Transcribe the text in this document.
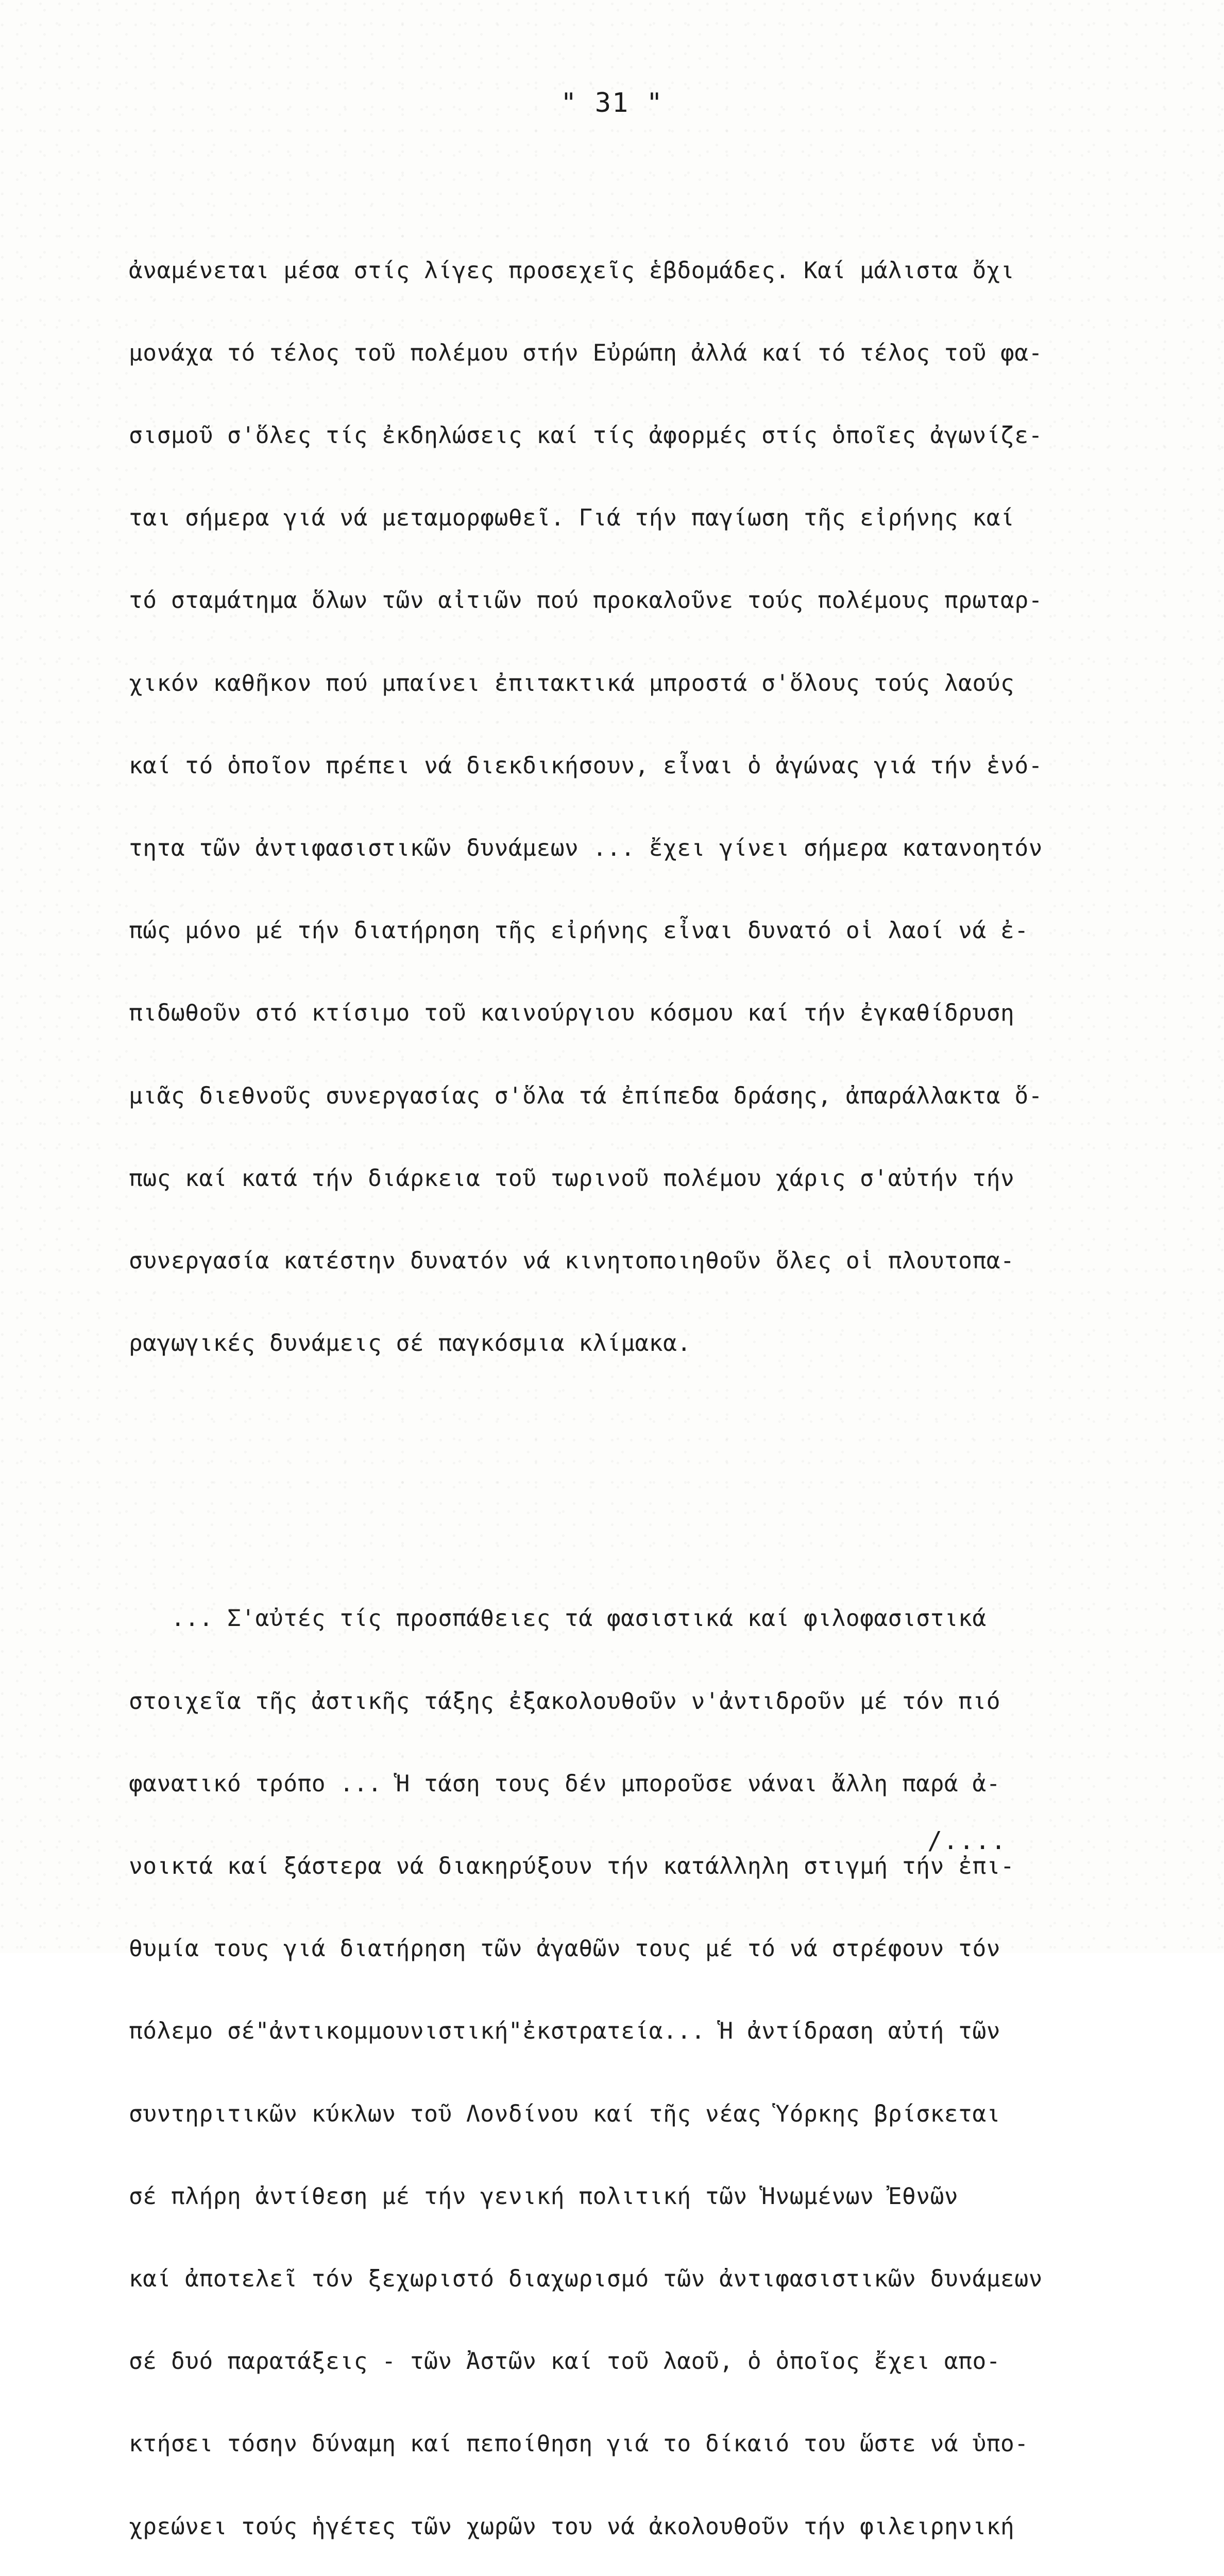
" 31 "

ἀναμένεται μέσα στίς λίγες προσεχεῖς ἑβδομάδες. Καί μάλιστα ὄχι

μονάχα τό τέλος τοῦ πολέμου στήν Εὐρώπη ἀλλά καί τό τέλος τοῦ φα-

σισμοῦ σ'ὅλες τίς ἐκδηλώσεις καί τίς ἀφορμές στίς ὁποῖες ἀγωνίζε-

ται σήμερα γιά νά μεταμορφωθεῖ. Γιά τήν παγίωση τῆς εἰρήνης καί

τό σταμάτημα ὅλων τῶν αἰτιῶν πού προκαλοῦνε τούς πολέμους πρωταρ-

χικόν καθῆκον πού μπαίνει ἐπιτακτικά μπροστά σ'ὅλους τούς λαούς

καί τό ὁποῖον πρέπει νά διεκδικήσουν, εἶναι ὁ ἀγώνας γιά τήν ἑνό-

τητα τῶν ἀντιφασιστικῶν δυνάμεων ... ἔχει γίνει σήμερα κατανοητόν

πώς μόνο μέ τήν διατήρηση τῆς εἰρήνης εἶναι δυνατό οἱ λαοί νά ἐ-

πιδωθοῦν στό κτίσιμο τοῦ καινούργιου κόσμου καί τήν ἐγκαθίδρυση

μιᾶς διεθνοῦς συνεργασίας σ'ὅλα τά ἐπίπεδα δράσης, ἀπαράλλακτα ὅ-

πως καί κατά τήν διάρκεια τοῦ τωρινοῦ πολέμου χάρις σ'αὐτήν τήν

συνεργασία κατέστην δυνατόν νά κινητοποιηθοῦν ὅλες οἱ πλουτοπα-

ραγωγικές δυνάμεις σέ παγκόσμια κλίμακα.

... Σ'αὐτές τίς προσπάθειες τά φασιστικά καί φιλοφασιστικά

στοιχεῖα τῆς ἀστικῆς τάξης ἐξακολουθοῦν ν'ἀντιδροῦν μέ τόν πιό

φανατικό τρόπο ... Ἡ τάση τους δέν μποροῦσε νάναι ἄλλη παρά ἀ-

νοικτά καί ξάστερα νά διακηρύξουν τήν κατάλληλη στιγμή τήν ἐπι-

θυμία τους γιά διατήρηση τῶν ἀγαθῶν τους μέ τό νά στρέφουν τόν

πόλεμο σέ"ἀντικομμουνιστική"ἐκστρατεία... Ἡ ἀντίδραση αὐτή τῶν

συντηριτικῶν κύκλων τοῦ Λονδίνου καί τῆς νέας Ὑόρκης βρίσκεται

σέ πλήρη ἀντίθεση μέ τήν γενική πολιτική τῶν Ἡνωμένων Ἐθνῶν

καί ἀποτελεῖ τόν ξεχωριστό διαχωρισμό τῶν ἀντιφασιστικῶν δυνάμεων

σέ δυό παρατάξεις - τῶν Ἀστῶν καί τοῦ λαοῦ, ὁ ὁποῖος ἔχει απο-

κτήσει τόσην δύναμη καί πεποίθηση γιά το δίκαιό του ὥστε νά ὑπο-

χρεώνει τούς ἡγέτες τῶν χωρῶν του νά ἀκολουθοῦν τήν φιλειρηνική

/....
